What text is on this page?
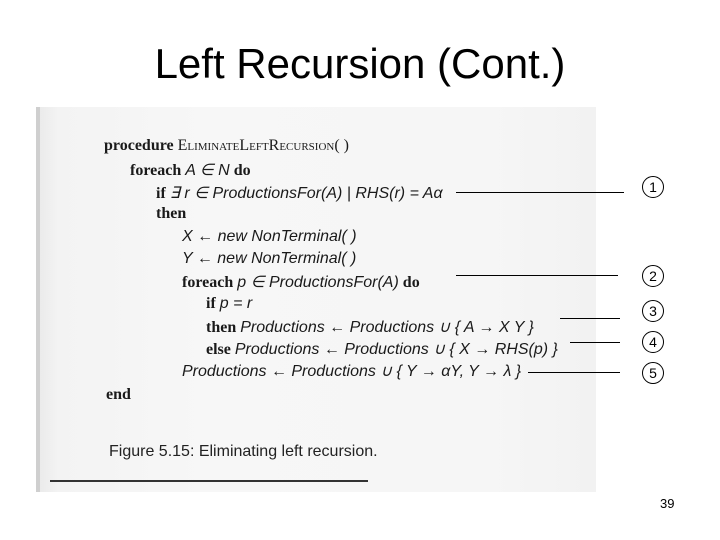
Left Recursion (Cont.)
procedure EliminateLeftRecursion( )
foreach A ∈ N do
if ∃ r ∈ ProductionsFor(A) | RHS(r) = Aα
then
X ← new NonTerminal( )
Y ← new NonTerminal( )
foreach p ∈ ProductionsFor(A) do
if p = r
then Productions ← Productions ∪ { A → X Y }
else Productions ← Productions ∪ { X → RHS(p) }
Productions ← Productions ∪ { Y → αY, Y → λ }
end
Figure 5.15: Eliminating left recursion.
1
2
3
4
5
39
